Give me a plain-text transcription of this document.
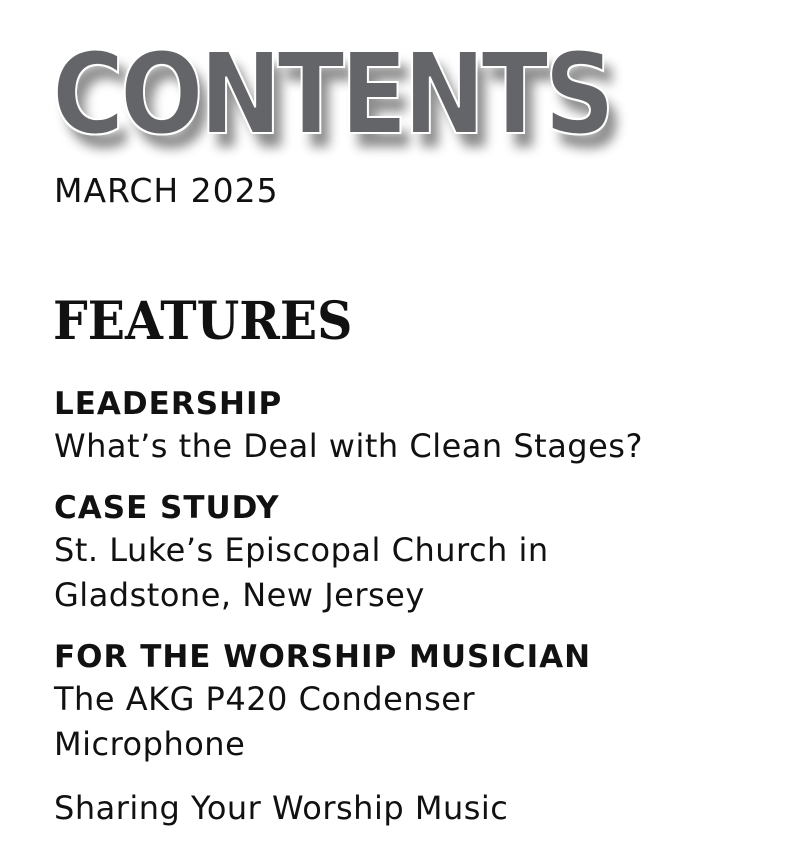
CONTENTS

MARCH 2025

FEATURES
LEADERSHIP
What’s the Deal with Clean Stages?
CASE STUDY
St. Luke’s Episcopal Church in
Gladstone, New Jersey
FOR THE WORSHIP MUSICIAN
The AKG P420 Condenser
Microphone
Sharing Your Worship Music
